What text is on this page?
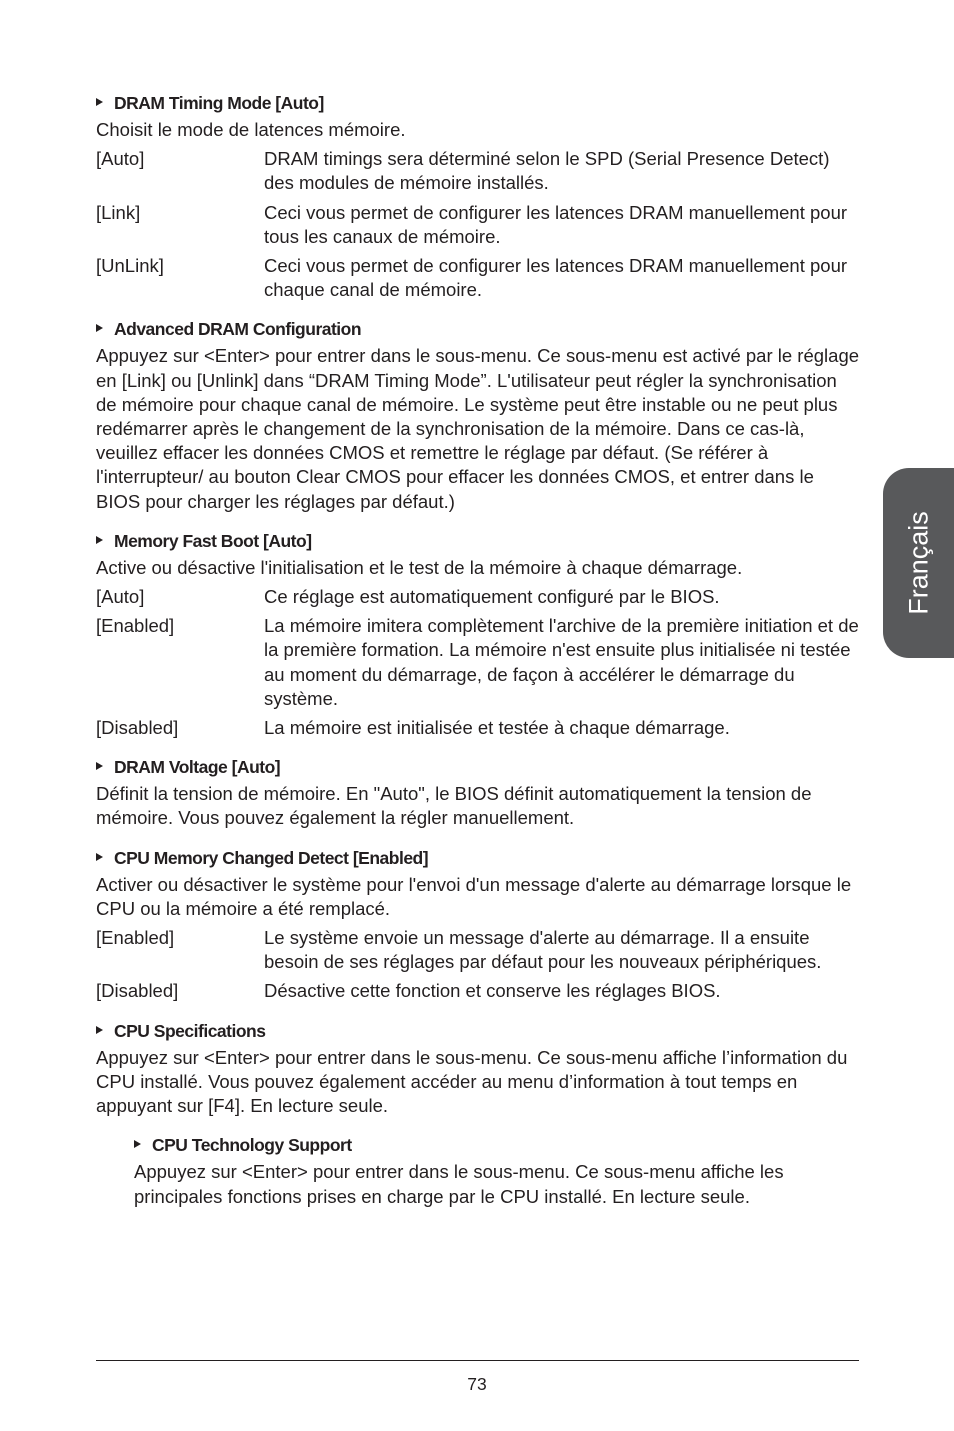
DRAM Timing Mode [Auto]
Choisit le mode de latences mémoire.
[Auto]	DRAM timings sera déterminé selon le SPD (Serial Presence Detect) des modules de mémoire installés.
[Link]	Ceci vous permet de configurer les latences DRAM manuellement pour tous les canaux de mémoire.
[UnLink]	Ceci vous permet de configurer les latences DRAM manuellement pour chaque canal de mémoire.
Advanced DRAM Configuration
Appuyez sur <Enter> pour entrer dans le sous-menu. Ce sous-menu est activé par le réglage en [Link] ou [Unlink] dans “DRAM Timing Mode”. L'utilisateur peut régler la synchronisation de mémoire pour chaque canal de mémoire. Le système peut être instable ou ne peut plus redémarrer après le changement de la synchronisation de la mémoire. Dans ce cas-là, veuillez effacer les données CMOS et remettre le réglage par défaut. (Se référer à l'interrupteur/ au bouton Clear CMOS pour effacer les données CMOS, et entrer dans le BIOS pour charger les réglages par défaut.)
Memory Fast Boot [Auto]
Active ou désactive l'initialisation et le test de la mémoire à chaque démarrage.
[Auto]	Ce réglage est automatiquement configuré par le BIOS.
[Enabled]	La mémoire imitera complètement l'archive de la première initiation et de la première formation. La mémoire n'est ensuite plus initialisée ni testée au moment du démarrage, de façon à accélérer le démarrage du système.
[Disabled]	La mémoire est initialisée et testée à chaque démarrage.
DRAM Voltage [Auto]
Définit la tension de mémoire. En "Auto", le BIOS définit automatiquement la tension de mémoire. Vous pouvez également la régler manuellement.
CPU Memory Changed Detect [Enabled]
Activer ou désactiver le système pour l'envoi d'un message d'alerte au démarrage lorsque le CPU ou la mémoire a été remplacé.
[Enabled]	Le système envoie un message d'alerte au démarrage. Il a ensuite besoin de ses réglages par défaut pour les nouveaux périphériques.
[Disabled]	Désactive cette fonction et conserve les réglages BIOS.
CPU Specifications
Appuyez sur <Enter> pour entrer dans le sous-menu. Ce sous-menu affiche l’information du CPU installé. Vous pouvez également accéder au menu d’information à tout temps en appuyant sur [F4]. En lecture seule.
CPU Technology Support
Appuyez sur <Enter> pour entrer dans le sous-menu. Ce sous-menu affiche les principales fonctions prises en charge par le CPU installé. En lecture seule.
Français
73
